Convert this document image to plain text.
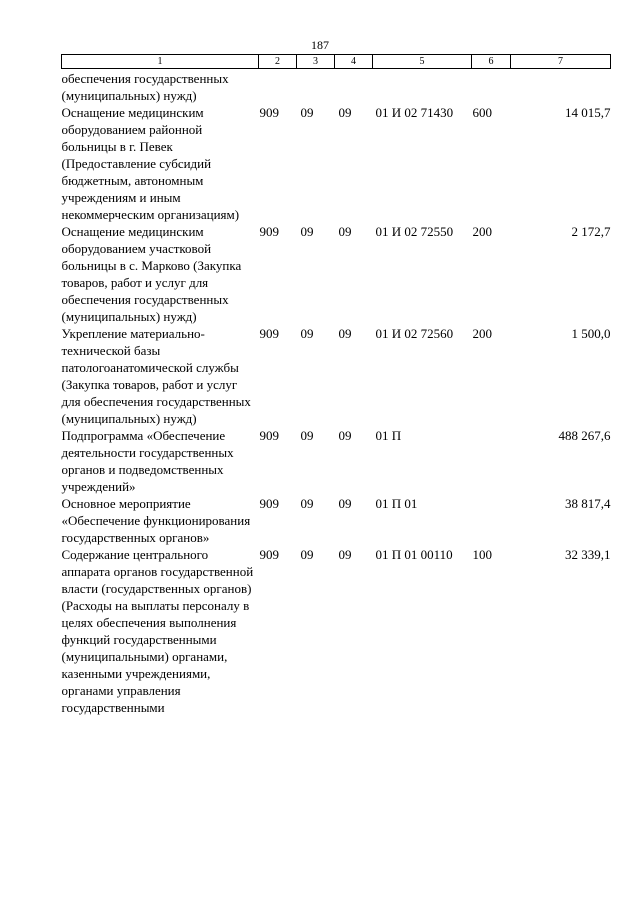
187
1	2	3	4	5	6	7
обеспечения государственных (муниципальных) нужд)						
Оснащение медицинским оборудованием районной больницы в г. Певек (Предоставление субсидий бюджетным, автономным учреждениям и иным некоммерческим организациям)	909	09	09	01 И 02 71430	600	14 015,7
Оснащение медицинским оборудованием участковой больницы в с. Марково (Закупка товаров, работ и услуг для обеспечения государственных (муниципальных) нужд)	909	09	09	01 И 02 72550	200	2 172,7
Укрепление материально-технической базы патологоанатомической службы (Закупка товаров, работ и услуг для обеспечения государственных (муниципальных) нужд)	909	09	09	01 И 02 72560	200	1 500,0
Подпрограмма «Обеспечение деятельности государственных органов и подведомственных учреждений»	909	09	09	01 П		488 267,6
Основное мероприятие «Обеспечение функционирования государственных органов»	909	09	09	01 П 01		38 817,4
Содержание центрального аппарата органов государственной власти (государственных органов) (Расходы на выплаты персоналу в целях обеспечения выполнения функций государственными (муниципальными) органами, казенными учреждениями, органами управления государственными	909	09	09	01 П 01 00110	100	32 339,1
